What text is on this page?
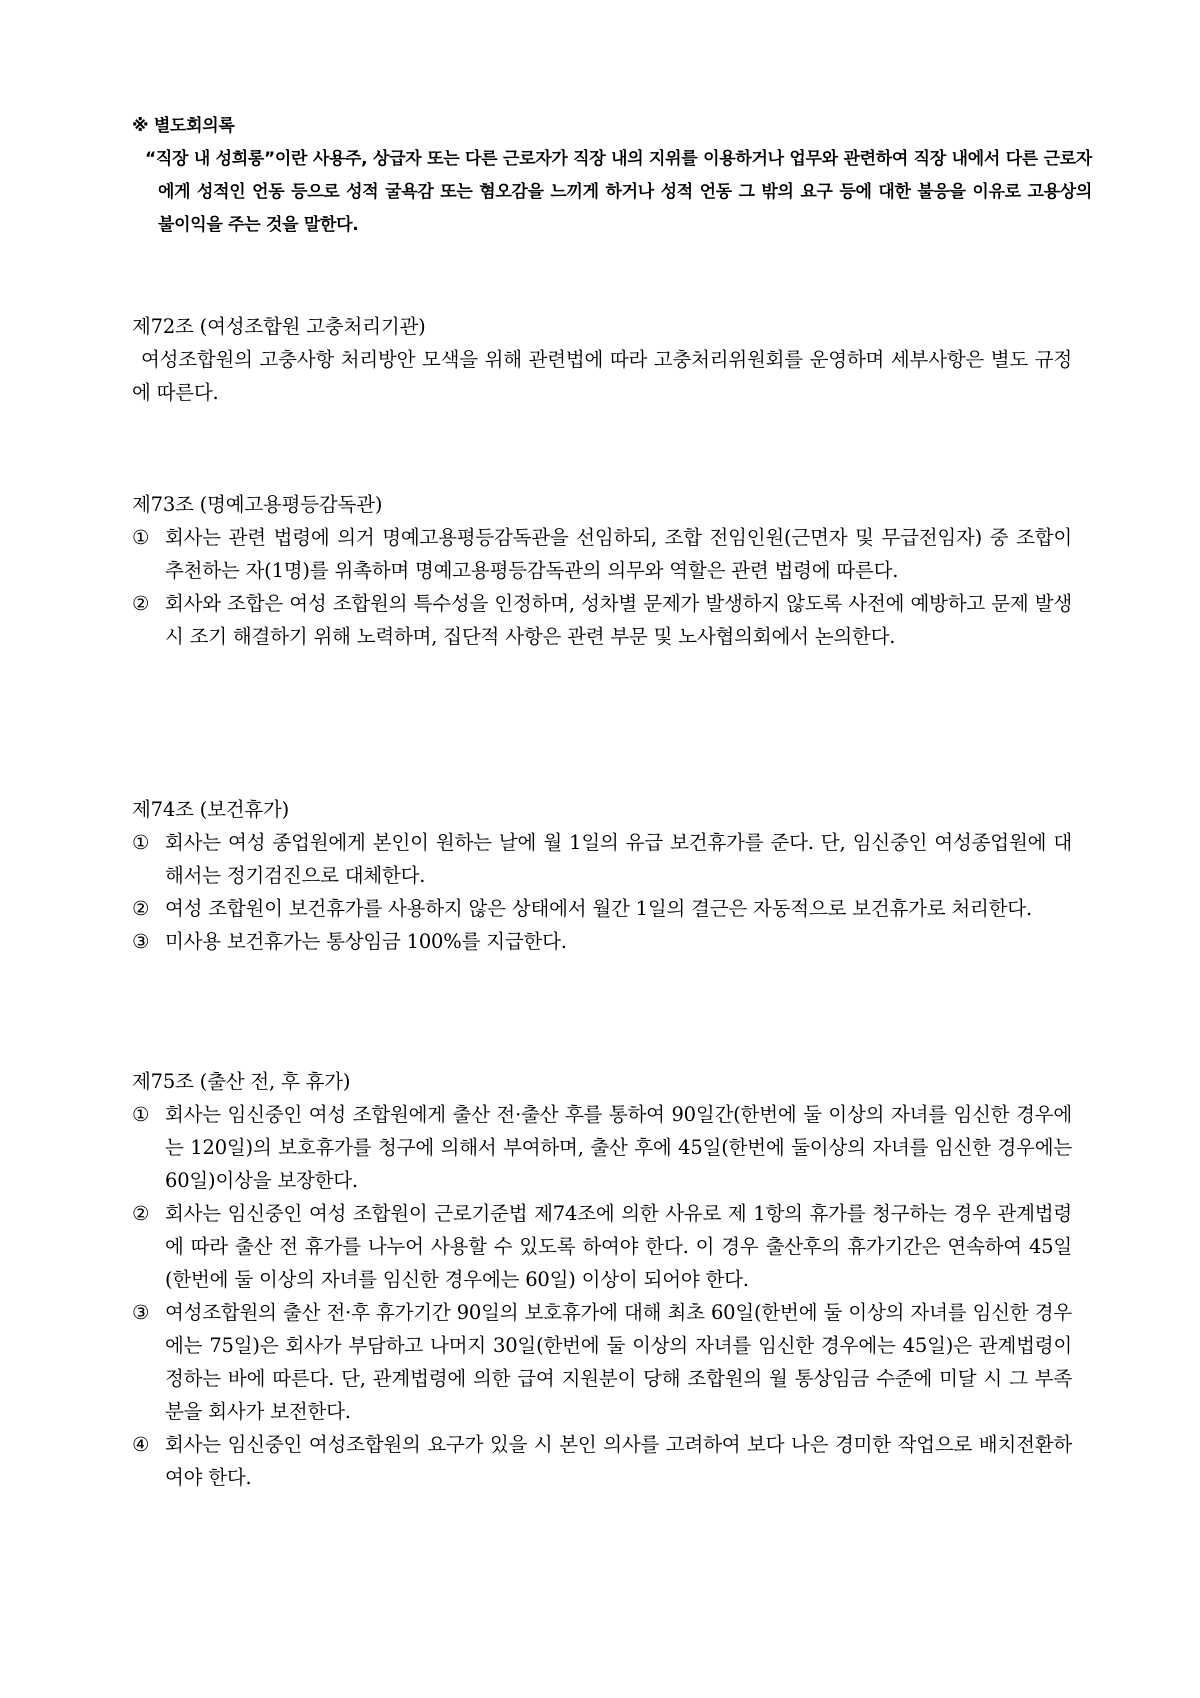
※ 별도회의록

“직장 내 성희롱”이란 사용주, 상급자 또는 다른 근로자가 직장 내의 지위를 이용하거나 업무와 관련하여 직장 내에서 다른 근로자에게 성적인 언동 등으로 성적 굴욕감 또는 혐오감을 느끼게 하거나 성적 언동 그 밖의 요구 등에 대한 불응을 이유로 고용상의 불이익을 주는 것을 말한다.

제72조 (여성조합원 고충처리기관)

여성조합원의 고충사항 처리방안 모색을 위해 관련법에 따라 고충처리위원회를 운영하며 세부사항은 별도 규정에 따른다.

제73조 (명예고용평등감독관)

① 회사는 관련 법령에 의거 명예고용평등감독관을 선임하되, 조합 전임인원(근면자 및 무급전임자) 중 조합이 추천하는 자(1명)를 위촉하며 명예고용평등감독관의 의무와 역할은 관련 법령에 따른다.
② 회사와 조합은 여성 조합원의 특수성을 인정하며, 성차별 문제가 발생하지 않도록 사전에 예방하고 문제 발생시 조기 해결하기 위해 노력하며, 집단적 사항은 관련 부문 및 노사협의회에서 논의한다.

제74조 (보건휴가)

① 회사는 여성 종업원에게 본인이 원하는 날에 월 1일의 유급 보건휴가를 준다. 단, 임신중인 여성종업원에 대해서는 정기검진으로 대체한다.
② 여성 조합원이 보건휴가를 사용하지 않은 상태에서 월간 1일의 결근은 자동적으로 보건휴가로 처리한다.
③ 미사용 보건휴가는 통상임금 100%를 지급한다.

제75조 (출산 전, 후 휴가)

① 회사는 임신중인 여성 조합원에게 출산 전·출산 후를 통하여 90일간(한번에 둘 이상의 자녀를 임신한 경우에는 120일)의 보호휴가를 청구에 의해서 부여하며, 출산 후에 45일(한번에 둘이상의 자녀를 임신한 경우에는 60일)이상을 보장한다.
② 회사는 임신중인 여성 조합원이 근로기준법 제74조에 의한 사유로 제 1항의 휴가를 청구하는 경우 관계법령에 따라 출산 전 휴가를 나누어 사용할 수 있도록 하여야 한다. 이 경우 출산후의 휴가기간은 연속하여 45일(한번에 둘 이상의 자녀를 임신한 경우에는 60일) 이상이 되어야 한다.
③ 여성조합원의 출산 전·후 휴가기간 90일의 보호휴가에 대해 최초 60일(한번에 둘 이상의 자녀를 임신한 경우에는 75일)은 회사가 부담하고 나머지 30일(한번에 둘 이상의 자녀를 임신한 경우에는 45일)은 관계법령이 정하는 바에 따른다. 단, 관계법령에 의한 급여 지원분이 당해 조합원의 월 통상임금 수준에 미달 시 그 부족분을 회사가 보전한다.
④ 회사는 임신중인 여성조합원의 요구가 있을 시 본인 의사를 고려하여 보다 나은 경미한 작업으로 배치전환하여야 한다.
